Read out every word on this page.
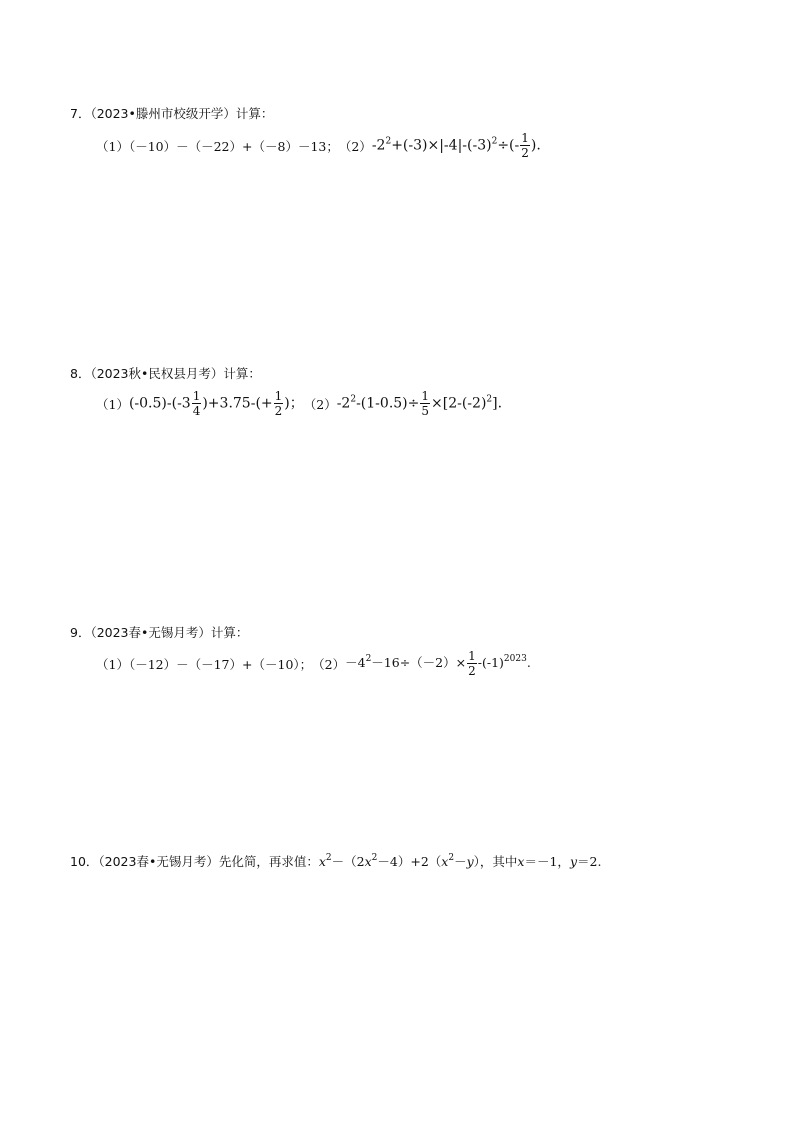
7．（2023•滕州市校级开学）计算：
（1）（－10）－（－22）+（－8）－13； （2） $-2^2+(-3)\times|-4|-(-3)^2\div(- \frac{1}{2}$ ).
8．（2023秋•民权县月考）计算：
（1） $(-0.5)-(-3 \frac{1}{4} )+3.75-(+ \frac{1}{2}$ )； （2） $-2^2-(1-0.5)\div \frac{1}{5} \times[2-(-2)^2]$.
9．（2023春•无锡月考）计算：
（1）（－12）－（－17）+（－10）； $(2) -4^2-16\div(-2)\times \frac{1}{2} -(-1)^{2023}$.
10．（2023春•无锡月考）先化简，再求值：$x^2-(2x^2-4)+2(x^2-y)$，其中x＝－1，y＝2.
